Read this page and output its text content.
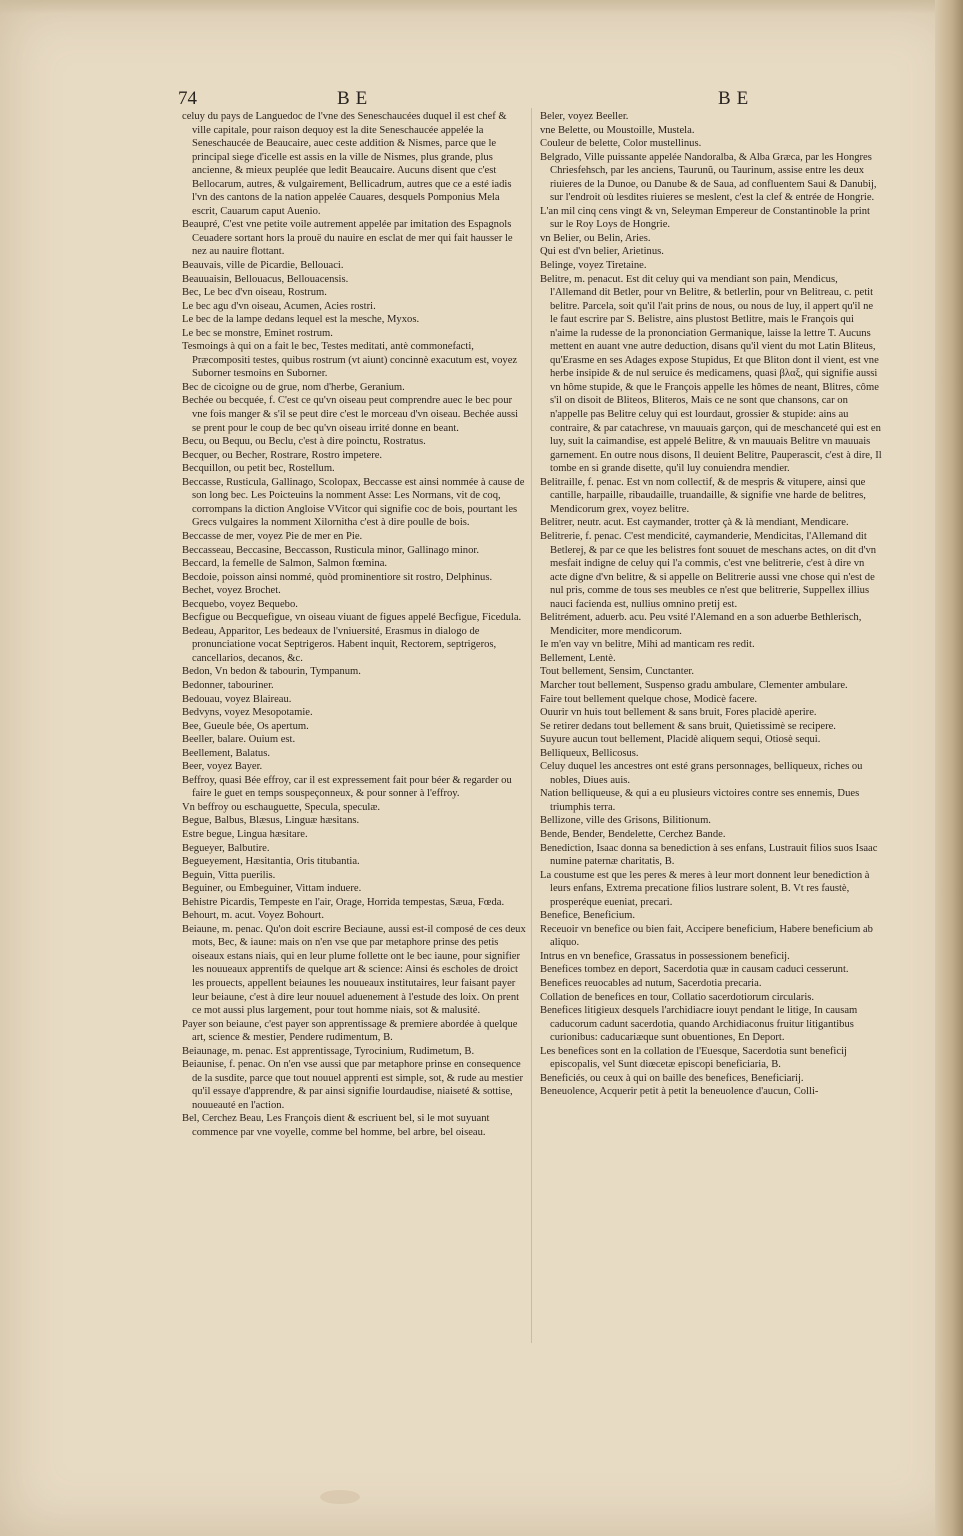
74	BE	BE

celuy du pays de Languedoc de l'vne des Seneschaucées duquel il est chef & ville capitale, pour raison dequoy est la dite Seneschaucée appelée la Seneschaucée de Beaucaire, auec ceste addition & Nismes, parce que le principal siege d'icelle est assis en la ville de Nismes, plus grande, plus ancienne, & mieux peuplée que ledit Beaucaire. Aucuns disent que c'est Bellocarum, autres, & vulgairement, Bellicadrum, autres que ce a esté iadis l'vn des cantons de la nation appelée Cauares, desquels Pomponius Mela escrit, Cauarum caput Auenio.

Beaupré, C'est vne petite voile autrement appelée par imitation des Espagnols Ceuadere sortant hors la prouë du nauire en esclat de mer qui fait hausser le nez au nauire flottant.

Beauvais, ville de Picardie, Bellouaci.

Beauuaisin, Bellouacus, Bellouacensis.

Bec, Le bec d'vn oiseau, Rostrum.

Le bec agu d'vn oiseau, Acumen, Acies rostri.

Le bec de la lampe dedans lequel est la mesche, Myxos.

Le bec se monstre, Eminet rostrum.

Tesmoings à qui on a fait le bec, Testes meditati, antè commonefacti, Præcompositi testes, quibus rostrum (vt aiunt) concinnè exacutum est, voyez Suborner tesmoins en Suborner.

Bec de cicoigne ou de grue, nom d'herbe, Geranium.

Bechée ou becquée, f. C'est ce qu'vn oiseau peut comprendre auec le bec pour vne fois manger & s'il se peut dire c'est le morceau d'vn oiseau. Bechée aussi se prent pour le coup de bec qu'vn oiseau irrité donne en beant.

Becu, ou Bequu, ou Beclu, c'est à dire poinctu, Rostratus.

Becquer, ou Becher, Rostrare, Rostro impetere.

Becquillon, ou petit bec, Rostellum.

Beccasse, Rusticula, Gallinago, Scolopax, Beccasse est ainsi nommée à cause de son long bec. Les Poicteuins la nomment Asse: Les Normans, vit de coq, corrompans la diction Angloise VVitcor qui signifie coc de bois, pourtant les Grecs vulgaires la nomment Xilornitha c'est à dire poulle de bois.

Beccasse de mer, voyez Pie de mer en Pie.

Beccasseau, Beccasine, Beccasson, Rusticula minor, Gallinago minor.

Beccard, la femelle de Salmon, Salmon fœmina.

Becdoie, poisson ainsi nommé, quòd prominentiore sit rostro, Delphinus.

Bechet, voyez Brochet.

Becquebo, voyez Bequebo.

Becfigue ou Becquefigue, vn oiseau viuant de figues appelé Becfigue, Ficedula.

Bedeau, Apparitor, Les bedeaux de l'vniuersité, Erasmus in dialogo de pronunciatione vocat Septrigeros. Habent inquit, Rectorem, septrigeros, cancellarios, decanos, &c.

Bedon, Vn bedon & tabourin, Tympanum.

Bedonner, tabouriner.

Bedouau, voyez Blaireau.

Bedvyns, voyez Mesopotamie.

Bee, Gueule bée, Os apertum.

Beeller, balare. Ouium est.

Beellement, Balatus.

Beer, voyez Bayer.

Beffroy, quasi Bée effroy, car il est expressement fait pour béer & regarder ou faire le guet en temps souspeçonneux, & pour sonner à l'effroy.

Vn beffroy ou eschauguette, Specula, speculæ.

Begue, Balbus, Blæsus, Linguæ hæsitans.

Estre begue, Lingua hæsitare.

Begueyer, Balbutire.

Begueyement, Hæsitantia, Oris titubantia.

Beguin, Vitta puerilis.

Beguiner, ou Embeguiner, Vittam induere.

Behistre Picardis, Tempeste en l'air, Orage, Horrida tempestas, Sæua, Fœda.

Behourt, m. acut. Voyez Bohourt.

Beiaune, m. penac. Qu'on doit escrire Beciaune, aussi est-il composé de ces deux mots, Bec, & iaune: mais on n'en vse que par metaphore prinse des petis oiseaux estans niais, qui en leur plume follette ont le bec iaune, pour signifier les nouueaux apprentifs de quelque art & science: Ainsi és escholes de droict les prouects, appellent beiaunes les nouueaux institutaires, leur faisant payer leur beiaune, c'est à dire leur nouuel aduenement à l'estude des loix. On prent ce mot aussi plus largement, pour tout homme niais, sot & malusité.

Payer son beiaune, c'est payer son apprentissage & premiere abordée à quelque art, science & mestier, Pendere rudimentum, B.

Beiaunage, m. penac. Est apprentissage, Tyrocinium, Rudimetum, B.

Beiaunise, f. penac. On n'en vse aussi que par metaphore prinse en consequence de la susdite, parce que tout nouuel apprenti est simple, sot, & rude au mestier qu'il essaye d'apprendre, & par ainsi signifie lourdaudise, niaiseté & sottise, nouueauté en l'action.

Bel, Cerchez Beau, Les François dient & escriuent bel, si le mot suyuant commence par vne voyelle, comme bel homme, bel arbre, bel oiseau.

Beler, voyez Beeller.

vne Belette, ou Moustoille, Mustela.

Couleur de belette, Color mustellinus.

Belgrado, Ville puissante appelée Nandoralba, & Alba Græca, par les Hongres Chriesfehsch, par les anciens, Taurunũ, ou Taurinum, assise entre les deux riuieres de la Dunoe, ou Danube & de Saua, ad confluentem Saui & Danubij, sur l'endroit où lesdites riuieres se meslent, c'est la clef & entrée de Hongrie.

L'an mil cinq cens vingt & vn, Seleyman Empereur de Constantinoble la print sur le Roy Loys de Hongrie.

vn Belier, ou Belin, Aries.

Qui est d'vn belier, Arietinus.

Belinge, voyez Tiretaine.

Belitre, m. penacut. Est dit celuy qui va mendiant son pain, Mendicus, l'Allemand dit Betler, pour vn Belitre, & betlerlin, pour vn Belitreau, c. petit belitre. Parcela, soit qu'il l'ait prins de nous, ou nous de luy, il appert qu'il ne le faut escrire par S. Belistre, ains plustost Betlitre, mais le François qui n'aime la rudesse de la prononciation Germanique, laisse la lettre T. Aucuns mettent en auant vne autre deduction, disans qu'il vient du mot Latin Bliteus, qu'Erasme en ses Adages expose Stupidus, Et que Bliton dont il vient, est vne herbe insipide & de nul seruice és medicamens, quasi βλαξ, qui signifie aussi vn hôme stupide, & que le François appelle les hômes de neant, Blitres, côme s'il on disoit de Bliteos, Bliteros, Mais ce ne sont que chansons, car on n'appelle pas Belitre celuy qui est lourdaut, grossier & stupide: ains au contraire, & par catachrese, vn mauuais garçon, qui de meschanceté qui est en luy, suit la caimandise, est appelé Belitre, & vn mauuais Belitre vn mauuais garnement. En outre nous disons, Il deuient Belitre, Pauperascit, c'est à dire, Il tombe en si grande disette, qu'il luy conuiendra mendier.

Belitraille, f. penac. Est vn nom collectif, & de mespris & vitupere, ainsi que cantille, harpaille, ribaudaille, truandaille, & signifie vne harde de belitres, Mendicorum grex, voyez belitre.

Belitrer, neutr. acut. Est caymander, trotter çà & là mendiant, Mendicare.

Belitrerie, f. penac. C'est mendicité, caymanderie, Mendicitas, l'Allemand dit Betlerej, & par ce que les belistres font souuet de meschans actes, on dit d'vn mesfait indigne de celuy qui l'a commis, c'est vne belitrerie, c'est à dire vn acte digne d'vn belitre, & si appelle on Belitrerie aussi vne chose qui n'est de nul pris, comme de tous ses meubles ce n'est que belitrerie, Suppellex illius nauci facienda est, nullius omnino pretij est.

Belitrément, aduerb. acu. Peu vsité l'Alemand en a son aduerbe Bethlerisch, Mendiciter, more mendicorum.

Ie m'en vay vn belitre, Mihi ad manticam res redit.

Bellement, Lentè.

Tout bellement, Sensim, Cunctanter.

Marcher tout bellement, Suspenso gradu ambulare, Clementer ambulare.

Faire tout bellement quelque chose, Modicè facere.

Ouurir vn huis tout bellement & sans bruit, Fores placidè aperire.

Se retirer dedans tout bellement & sans bruit, Quietissimè se recipere.

Suyure aucun tout bellement, Placidè aliquem sequi, Otiosè sequi.

Belliqueux, Bellicosus.

Celuy duquel les ancestres ont esté grans personnages, belliqueux, riches ou nobles, Diues auis.

Nation belliqueuse, & qui a eu plusieurs victoires contre ses ennemis, Dues triumphis terra.

Bellizone, ville des Grisons, Bilitionum.

Bende, Bender, Bendelette, Cerchez Bande.

Benediction, Isaac donna sa benediction à ses enfans, Lustrauit filios suos Isaac numine paternæ charitatis, B.

La coustume est que les peres & meres à leur mort donnent leur benediction à leurs enfans, Extrema precatione filios lustrare solent, B. Vt res faustè, prosperéque eueniat, precari.

Benefice, Beneficium.

Receuoir vn benefice ou bien fait, Accipere beneficium, Habere beneficium ab aliquo.

Intrus en vn benefice, Grassatus in possessionem beneficij.

Benefices tombez en deport, Sacerdotia quæ in causam caduci cesserunt.

Benefices reuocables ad nutum, Sacerdotia precaria.

Collation de benefices en tour, Collatio sacerdotiorum circularis.

Benefices litigieux desquels l'archidiacre iouyt pendant le litige, In causam caducorum cadunt sacerdotia, quando Archidiaconus fruitur litigantibus curionibus: caducariæque sunt obuentiones, En Deport.

Les benefices sont en la collation de l'Euesque, Sacerdotia sunt beneficij episcopalis, vel Sunt diœcetæ episcopi beneficiaria, B.

Beneficiés, ou ceux à qui on baille des benefices, Beneficiarij.

Beneuolence, Acquerir petit à petit la beneuolence d'aucun, Colli-
